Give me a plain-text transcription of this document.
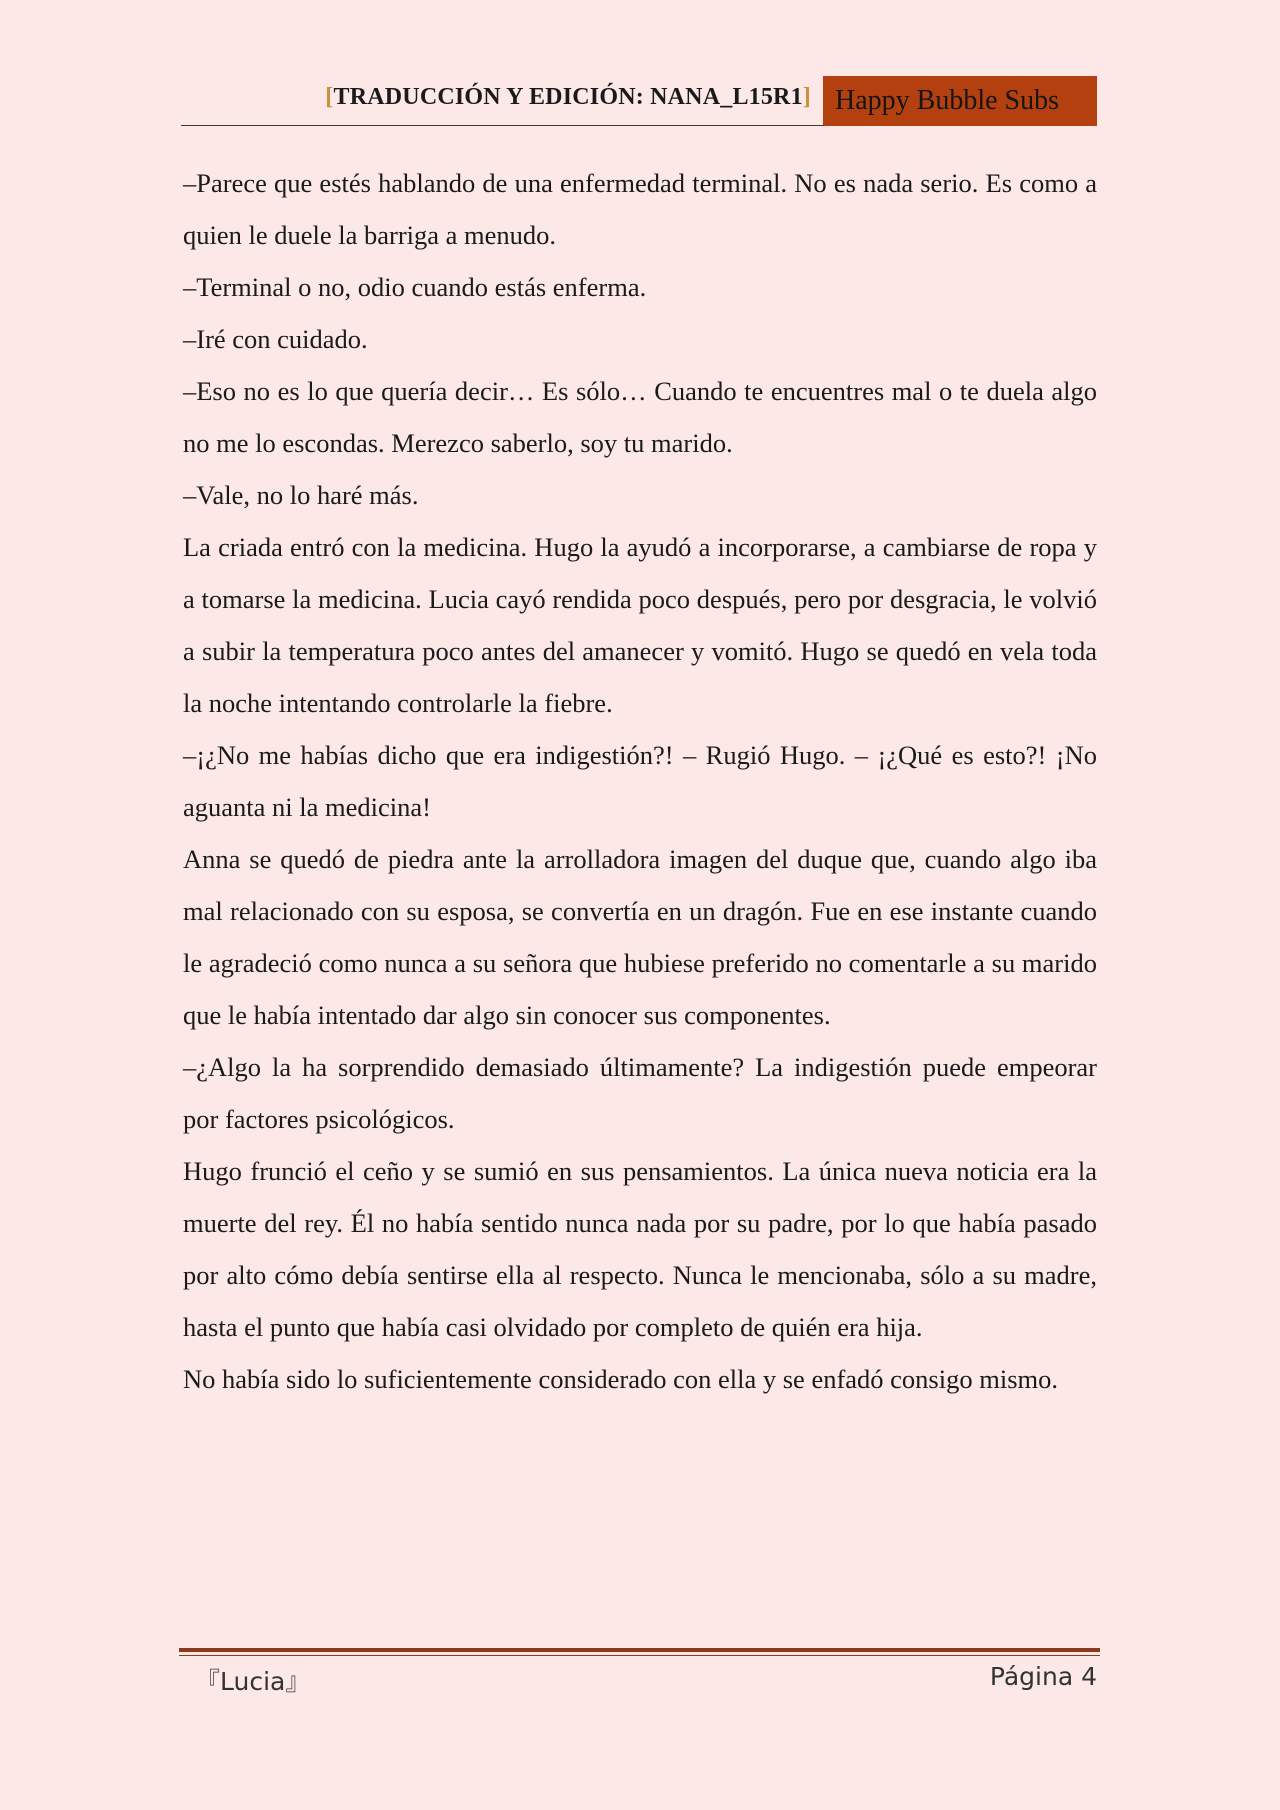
[TRADUCCIÓN Y EDICIÓN: NANA_L15R1] Happy Bubble Subs

–Parece que estés hablando de una enfermedad terminal. No es nada serio. Es como a quien le duele la barriga a menudo.

–Terminal o no, odio cuando estás enferma.

–Iré con cuidado.

–Eso no es lo que quería decir… Es sólo… Cuando te encuentres mal o te duela algo no me lo escondas. Merezco saberlo, soy tu marido.

–Vale, no lo haré más.

La criada entró con la medicina. Hugo la ayudó a incorporarse, a cambiarse de ropa y a tomarse la medicina. Lucia cayó rendida poco después, pero por desgracia, le volvió a subir la temperatura poco antes del amanecer y vomitó. Hugo se quedó en vela toda la noche intentando controlarle la fiebre.

–¡¿No me habías dicho que era indigestión?! – Rugió Hugo. – ¡¿Qué es esto?! ¡No aguanta ni la medicina!

Anna se quedó de piedra ante la arrolladora imagen del duque que, cuando algo iba mal relacionado con su esposa, se convertía en un dragón. Fue en ese instante cuando le agradeció como nunca a su señora que hubiese preferido no comentarle a su marido que le había intentado dar algo sin conocer sus componentes.

–¿Algo la ha sorprendido demasiado últimamente? La indigestión puede empeorar por factores psicológicos.

Hugo frunció el ceño y se sumió en sus pensamientos. La única nueva noticia era la muerte del rey. Él no había sentido nunca nada por su padre, por lo que había pasado por alto cómo debía sentirse ella al respecto. Nunca le mencionaba, sólo a su madre, hasta el punto que había casi olvidado por completo de quién era hija.

No había sido lo suficientemente considerado con ella y se enfadó consigo mismo.

『Lucia』	Página 4
